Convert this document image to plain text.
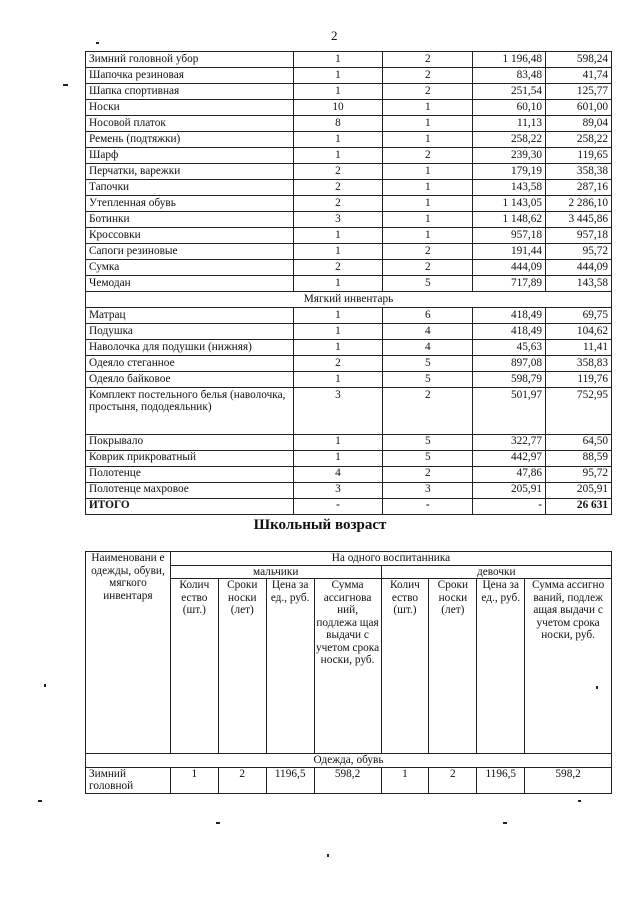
2
Зимний головной убор	1	2	1 196,48	598,24
Шапочка резиновая	1	2	83,48	41,74
Шапка спортивная	1	2	251,54	125,77
Носки	10	1	60,10	601,00
Носовой платок	8	1	11,13	89,04
Ремень (подтяжки)	1	1	258,22	258,22
Шарф	1	2	239,30	119,65
Перчатки, варежки	2	1	179,19	358,38
Тапочки	2	1	143,58	287,16
Утепленная обувь	2	1	1 143,05	2 286,10
Ботинки	3	1	1 148,62	3 445,86
Кроссовки	1	1	957,18	957,18
Сапоги резиновые	1	2	191,44	95,72
Сумка	2	2	444,09	444,09
Чемодан	1	5	717,89	143,58
Мягкий инвентарь				
Матрац	1	6	418,49	69,75
Подушка	1	4	418,49	104,62
Наволочка для подушки (нижняя)	1	4	45,63	11,41
Одеяло стеганное	2	5	897,08	358,83
Одеяло байковое	1	5	598,79	119,76
Комплект постельного белья (наволочка, простыня, пододеяльник)	3	2	501,97	752,95
Покрывало	1	5	322,77	64,50
Коврик прикроватный	1	5	442,97	88,59
Полотенце	4	2	47,86	95,72
Полотенце махровое	3	3	205,91	205,91
ИТОГО	-	-	-	26 631
Школьный возраст
Наименовани е одежды, обуви, мягкого инвентаря	На одного воспитанника							
	мальчики				девочки			
	Колич ество (шт.)	Сроки носки (лет)	Цена за ед., руб.	Сумма ассигнова ний, подлежа щая выдачи с учетом срока носки, руб.	Колич ество (шт.)	Сроки носки (лет)	Цена за ед., руб.	Сумма ассигно ваний, подлеж ащая выдачи с учетом срока носки, руб.
Одежда, обувь								
Зимний головной	1	2	1196,5	598,2	1	2	1196,5	598,2
